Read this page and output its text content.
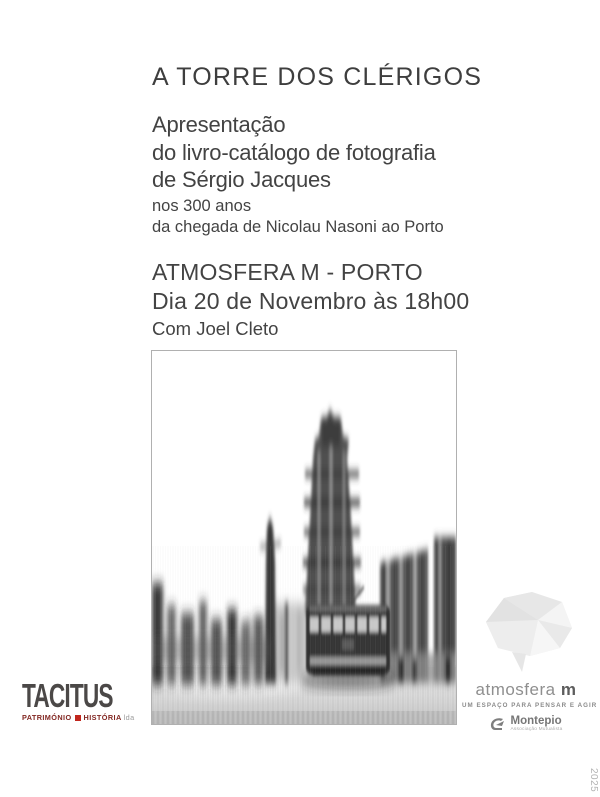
A TORRE DOS CLÉRIGOS
Apresentação
do livro-catálogo de fotografia
de Sérgio Jacques
nos 300 anos
da chegada de Nicolau Nasoni ao Porto
ATMOSFERA M - PORTO
Dia 20 de Novembro às 18h00
Com Joel Cleto
TACITUS
PATRIMÓNIO HISTÓRIA lda
atmosfera m
UM ESPAÇO PARA PENSAR E AGIR
Montepio
Associação Mutualista
2025
